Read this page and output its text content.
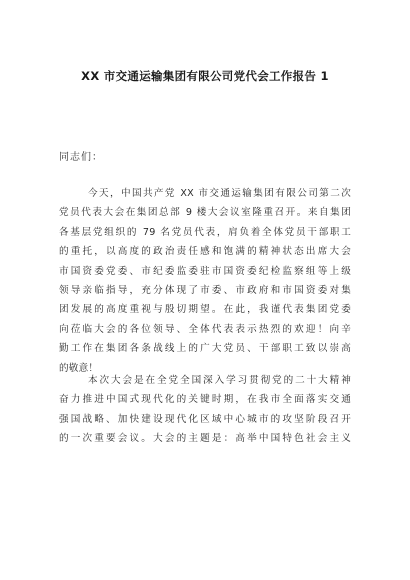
XX 市交通运输集团有限公司党代会工作报告 1
同志们：
今天，中国共产党 XX 市交通运输集团有限公司第二次
党员代表大会在集团总部 9 楼大会议室隆重召开。来自集团
各基层党组织的 79 名党员代表，肩负着全体党员干部职工
的重托，以高度的政治责任感和饱满的精神状态出席大会
市国资委党委、市纪委监委驻市国资委纪检监察组等上级
领导亲临指导，充分体现了市委、市政府和市国资委对集
团发展的高度重视与殷切期望。在此，我谨代表集团党委
向莅临大会的各位领导、全体代表表示热烈的欢迎！向辛
勤工作在集团各条战线上的广大党员、干部职工致以崇高
的敬意！
本次大会是在全党全国深入学习贯彻党的二十大精神
奋力推进中国式现代化的关键时期，在我市全面落实交通
强国战略、加快建设现代化区域中心城市的攻坚阶段召开
的一次重要会议。大会的主题是：高举中国特色社会主义
